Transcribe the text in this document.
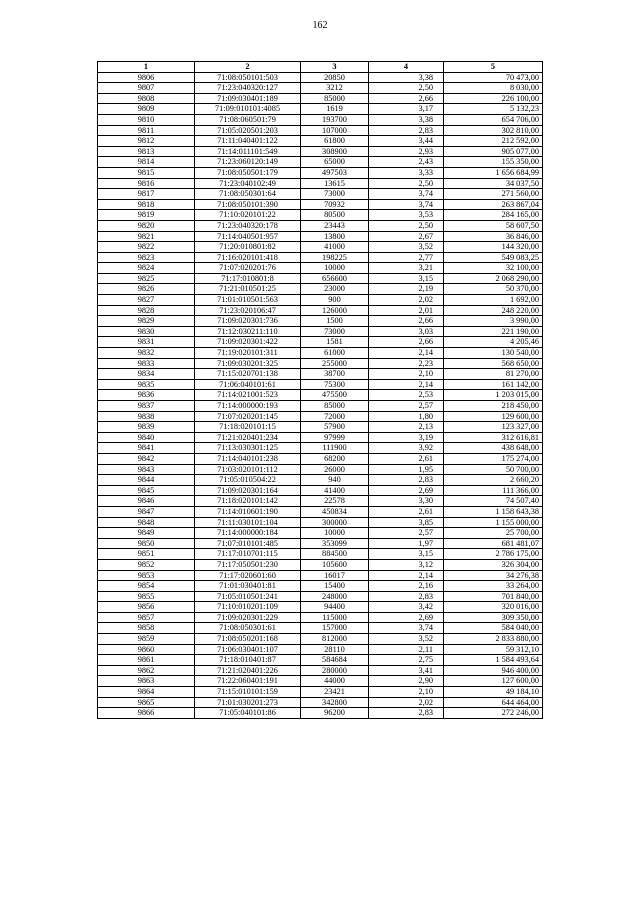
162
1	2	3	4	5
9806	71:08:050101:503	20850	3,38	70 473,00
9807	71:23:040320:127	3212	2,50	8 030,00
9808	71:09:030401:189	85000	2,66	226 100,00
9809	71:09:010101:4085	1619	3,17	5 132,23
9810	71:08:060501:79	193700	3,38	654 706,00
9811	71:05:020501:203	107000	2,83	302 810,00
9812	71:11:040401:122	61800	3,44	212 592,00
9813	71:14:011101:549	308900	2,93	905 077,00
9814	71:23:060120:149	65000	2,43	155 350,00
9815	71:08:050501:179	497503	3,33	1 656 684,99
9816	71:23:040102:49	13615	2,50	34 037,50
9817	71:08:050301:64	73000	3,74	271 560,00
9818	71:08:050101:390	70932	3,74	263 867,04
9819	71:10:020101:22	80500	3,53	284 165,00
9820	71:23:040320:178	23443	2,50	58 607,50
9821	71:14:040501:957	13800	2,67	36 846,00
9822	71:20:010801:82	41000	3,52	144 320,00
9823	71:16:020101:418	198225	2,77	549 083,25
9824	71:07:020201:76	10000	3,21	32 100,00
9825	71:17:010801:8	656600	3,15	2 068 290,00
9826	71:21:010501:25	23000	2,19	50 370,00
9827	71:01:010501:563	900	2,02	1 692,00
9828	71:23:020106:47	126000	2,01	248 220,00
9829	71:09:020301:736	1500	2,66	3 990,00
9830	71:12:030211:110	73000	3,03	221 190,00
9831	71:09:020301:422	1581	2,66	4 205,46
9832	71:19:020101:311	61000	2,14	130 540,00
9833	71:09:030201:325	255000	2,23	568 650,00
9834	71:15:020701:138	38700	2,10	81 270,00
9835	71:06:040101:61	75300	2,14	161 142,00
9836	71:14:021001:523	475500	2,53	1 203 015,00
9837	71:14:000000:193	85000	2,57	218 450,00
9838	71:07:020201:145	72000	1,80	129 600,00
9839	71:18:020101:15	57900	2,13	123 327,00
9840	71:21:020401:234	97999	3,19	312 616,81
9841	71:13:030301:125	111900	3,92	438 648,00
9842	71:14:040101:238	68200	2,61	175 274,00
9843	71:03:020101:112	26000	1,95	50 700,00
9844	71:05:010504:22	940	2,83	2 660,20
9845	71:09:020301:164	41400	2,69	111 366,00
9846	71:18:020101:142	22578	3,30	74 507,40
9847	71:14:010601:190	450834	2,61	1 158 643,38
9848	71:11:030101:104	300000	3,85	1 155 000,00
9849	71:14:000000:184	10000	2,57	25 700,00
9850	71:07:010101:485	353099	1,97	681 481,07
9851	71:17:010701:115	884500	3,15	2 786 175,00
9852	71:17:050501:230	105600	3,12	326 304,00
9853	71:17:020601:60	16017	2,14	34 276,38
9854	71:01:030401:81	15400	2,16	33 264,00
9855	71:05:010501:241	248000	2,83	701 840,00
9856	71:10:010201:109	94400	3,42	320 016,00
9857	71:09:020301:229	115000	2,69	309 350,00
9858	71:08:050301:61	157000	3,74	584 040,00
9859	71:08:050201:168	812000	3,52	2 833 880,00
9860	71:06:030401:107	28110	2,11	59 312,10
9861	71:18:010401:87	584684	2,75	1 584 493,64
9862	71:21:020401:226	280000	3,41	946 400,00
9863	71:22:060401:191	44000	2,90	127 600,00
9864	71:15:010101:159	23421	2,10	49 184,10
9865	71:01:030201:273	342800	2,02	644 464,00
9866	71:05:040101:86	96200	2,83	272 246,00
